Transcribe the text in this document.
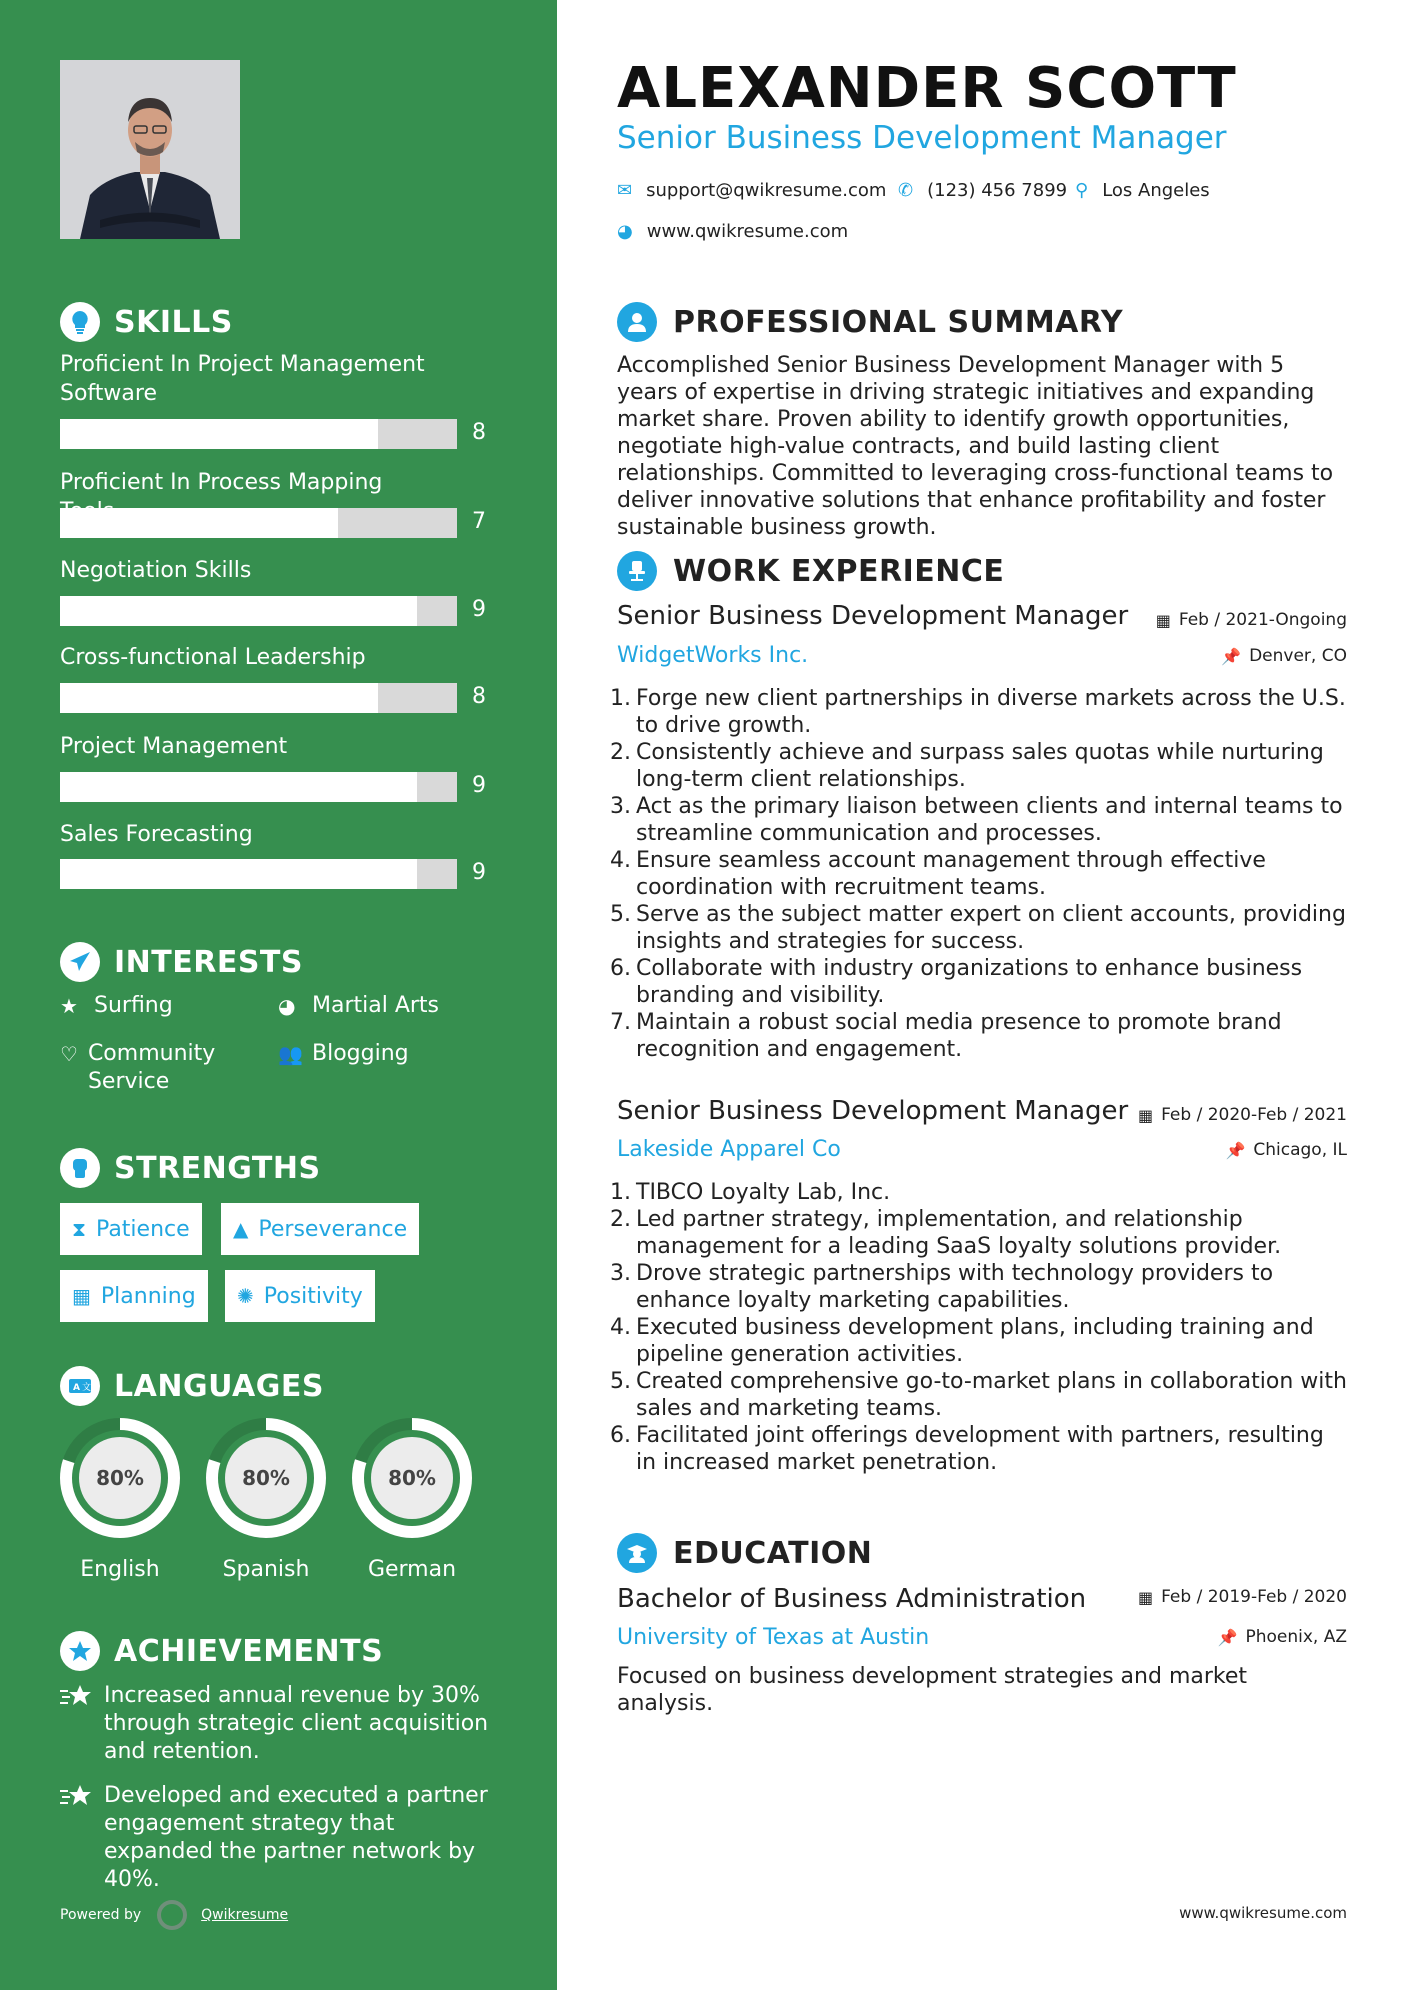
SKILLS
Proficient In Project Management Software
8
Proficient In Process Mapping
7
Negotiation Skills
9
Cross-functional Leadership
8
Project Management
9
Sales Forecasting
9
INTERESTS
★ Surfing	◕ Martial Arts
♡ Community Service
👥 Blogging
STRENGTHS
⧗ Patience ▲ Perseverance
▦ Planning ✺ Positivity
A 文 LANGUAGES
80%
English
80%
Spanish
80%
German
ACHIEVEMENTS
Increased annual revenue by 30% through strategic client acquisition and retention.
Developed and executed a partner engagement strategy that expanded the partner network by 40%.
Powered by	Qwikresume
ALEXANDER SCOTT
Senior Business Development Manager
✉ support@qwikresume.com ✆ (123) 456 7899 ⚲ Los Angeles
◕ www.qwikresume.com
PROFESSIONAL SUMMARY
Accomplished Senior Business Development Manager with 5 years of expertise in driving strategic initiatives and expanding market share. Proven ability to identify growth opportunities, negotiate high-value contracts, and build lasting client relationships. Committed to leveraging cross-functional teams to deliver innovative solutions that enhance profitability and foster sustainable business growth.
WORK EXPERIENCE
Senior Business Development Manager ▦ Feb / 2021-Ongoing
WidgetWorks Inc.	📌 Denver, CO
1. Forge new client partnerships in diverse markets across the U.S. to drive growth.
2. Consistently achieve and surpass sales quotas while nurturing long-term client relationships.
3. Act as the primary liaison between clients and internal teams to streamline communication and processes.
4. Ensure seamless account management through effective coordination with recruitment teams.
5. Serve as the subject matter expert on client accounts, providing insights and strategies for success.
6. Collaborate with industry organizations to enhance business branding and visibility.
7. Maintain a robust social media presence to promote brand recognition and engagement.
Senior Business Development Manager ▦ Feb / 2020-Feb / 2021
Lakeside Apparel Co	📌 Chicago, IL
1. TIBCO Loyalty Lab, Inc.
2. Led partner strategy, implementation, and relationship management for a leading SaaS loyalty solutions provider.
3. Drove strategic partnerships with technology providers to enhance loyalty marketing capabilities.
4. Executed business development plans, including training and pipeline generation activities.
5. Created comprehensive go-to-market plans in collaboration with sales and marketing teams.
6. Facilitated joint offerings development with partners, resulting in increased market penetration.
EDUCATION
Bachelor of Business Administration	▦ Feb / 2019-Feb / 2020
University of Texas at Austin	📌 Phoenix, AZ
Focused on business development strategies and market analysis.
www.qwikresume.com
